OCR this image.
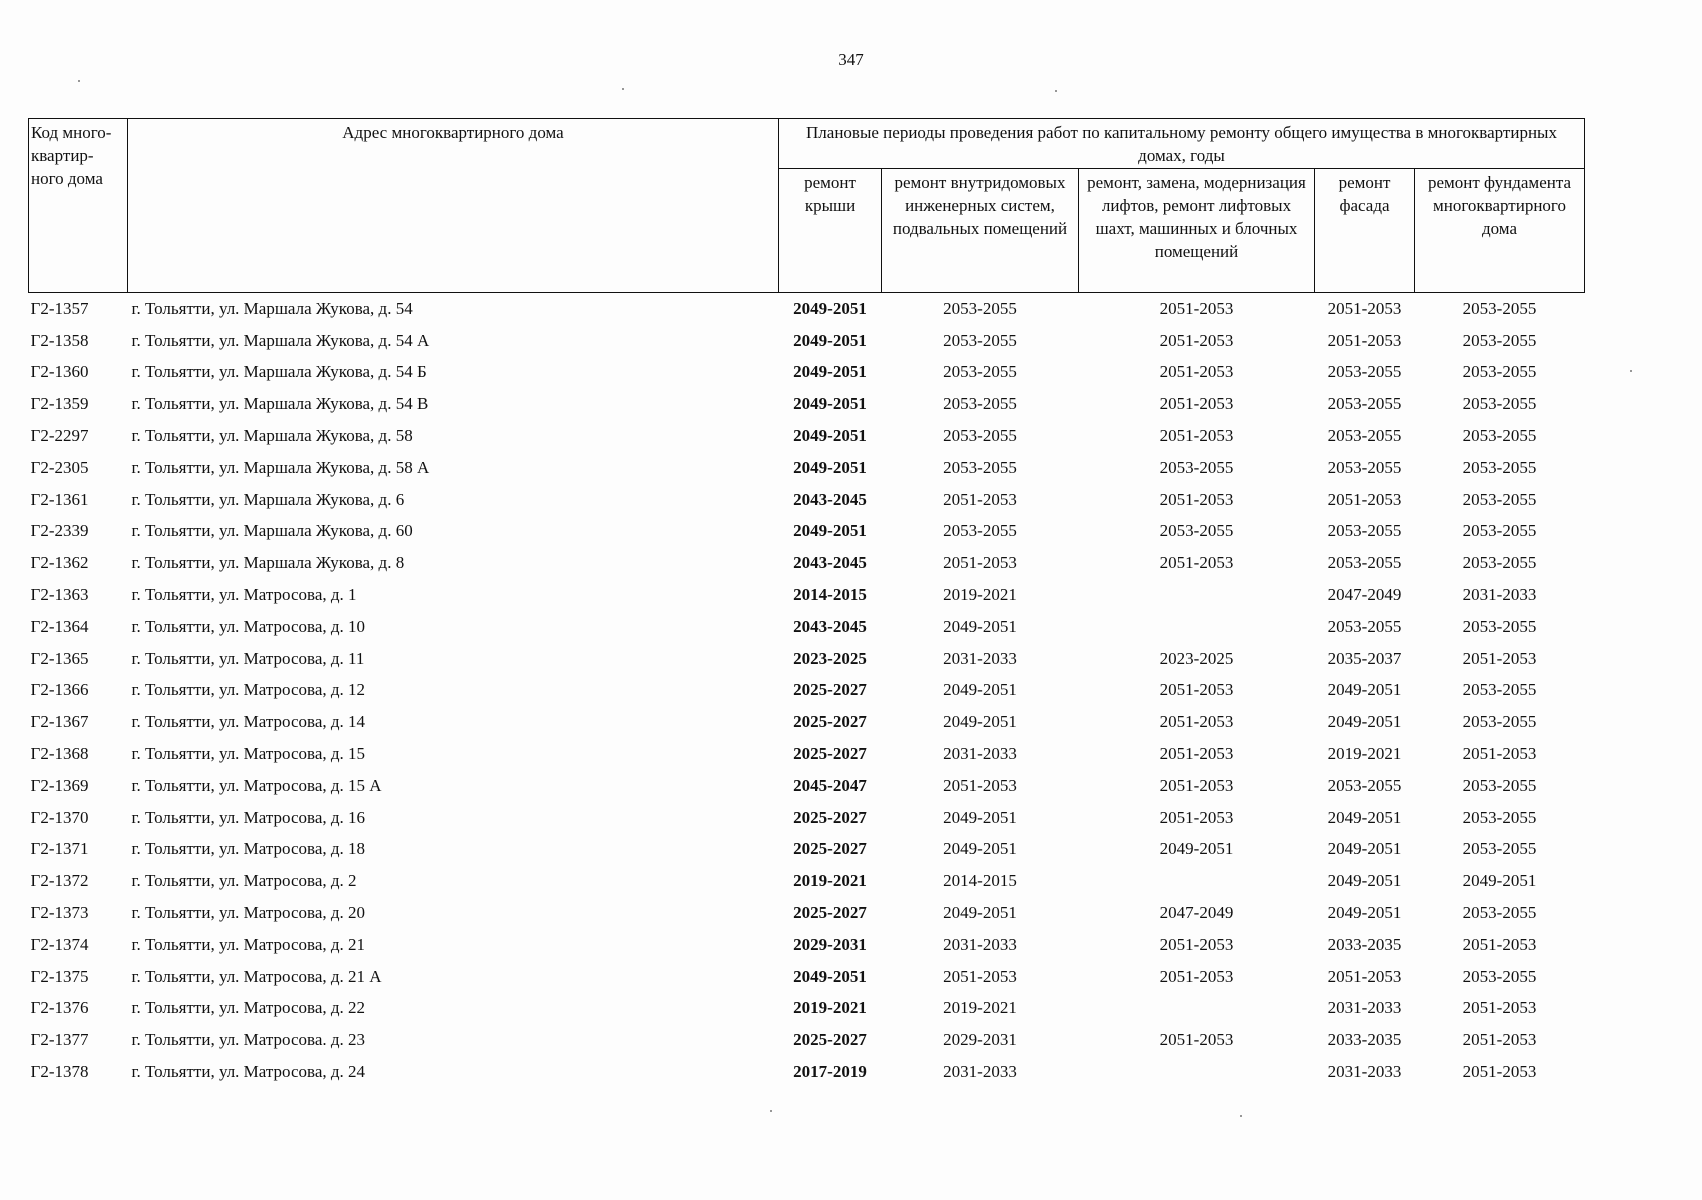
347
Код много-квартир-ного дома	Адрес многоквартирного дома	Плановые периоды проведения работ по капитальному ремонту общего имущества в многоквартирных домах, годы				
		ремонт крыши	ремонт внутридомовых инженерных систем, подвальных помещений	ремонт, замена, модернизация лифтов, ремонт лифтовых шахт, машинных и блочных помещений	ремонт фасада	ремонт фундамента многоквартирного дома
Г2-1357	г. Тольятти, ул. Маршала Жукова, д. 54	2049-2051	2053-2055	2051-2053	2051-2053	2053-2055
Г2-1358	г. Тольятти, ул. Маршала Жукова, д. 54 А	2049-2051	2053-2055	2051-2053	2051-2053	2053-2055
Г2-1360	г. Тольятти, ул. Маршала Жукова, д. 54 Б	2049-2051	2053-2055	2051-2053	2053-2055	2053-2055
Г2-1359	г. Тольятти, ул. Маршала Жукова, д. 54 В	2049-2051	2053-2055	2051-2053	2053-2055	2053-2055
Г2-2297	г. Тольятти, ул. Маршала Жукова, д. 58	2049-2051	2053-2055	2051-2053	2053-2055	2053-2055
Г2-2305	г. Тольятти, ул. Маршала Жукова, д. 58 А	2049-2051	2053-2055	2053-2055	2053-2055	2053-2055
Г2-1361	г. Тольятти, ул. Маршала Жукова, д. 6	2043-2045	2051-2053	2051-2053	2051-2053	2053-2055
Г2-2339	г. Тольятти, ул. Маршала Жукова, д. 60	2049-2051	2053-2055	2053-2055	2053-2055	2053-2055
Г2-1362	г. Тольятти, ул. Маршала Жукова, д. 8	2043-2045	2051-2053	2051-2053	2053-2055	2053-2055
Г2-1363	г. Тольятти, ул. Матросова, д. 1	2014-2015	2019-2021		2047-2049	2031-2033
Г2-1364	г. Тольятти, ул. Матросова, д. 10	2043-2045	2049-2051		2053-2055	2053-2055
Г2-1365	г. Тольятти, ул. Матросова, д. 11	2023-2025	2031-2033	2023-2025	2035-2037	2051-2053
Г2-1366	г. Тольятти, ул. Матросова, д. 12	2025-2027	2049-2051	2051-2053	2049-2051	2053-2055
Г2-1367	г. Тольятти, ул. Матросова, д. 14	2025-2027	2049-2051	2051-2053	2049-2051	2053-2055
Г2-1368	г. Тольятти, ул. Матросова, д. 15	2025-2027	2031-2033	2051-2053	2019-2021	2051-2053
Г2-1369	г. Тольятти, ул. Матросова, д. 15 А	2045-2047	2051-2053	2051-2053	2053-2055	2053-2055
Г2-1370	г. Тольятти, ул. Матросова, д. 16	2025-2027	2049-2051	2051-2053	2049-2051	2053-2055
Г2-1371	г. Тольятти, ул. Матросова, д. 18	2025-2027	2049-2051	2049-2051	2049-2051	2053-2055
Г2-1372	г. Тольятти, ул. Матросова, д. 2	2019-2021	2014-2015		2049-2051	2049-2051
Г2-1373	г. Тольятти, ул. Матросова, д. 20	2025-2027	2049-2051	2047-2049	2049-2051	2053-2055
Г2-1374	г. Тольятти, ул. Матросова, д. 21	2029-2031	2031-2033	2051-2053	2033-2035	2051-2053
Г2-1375	г. Тольятти, ул. Матросова, д. 21 А	2049-2051	2051-2053	2051-2053	2051-2053	2053-2055
Г2-1376	г. Тольятти, ул. Матросова, д. 22	2019-2021	2019-2021		2031-2033	2051-2053
Г2-1377	г. Тольятти, ул. Матросова. д. 23	2025-2027	2029-2031	2051-2053	2033-2035	2051-2053
Г2-1378	г. Тольятти, ул. Матросова, д. 24	2017-2019	2031-2033		2031-2033	2051-2053
